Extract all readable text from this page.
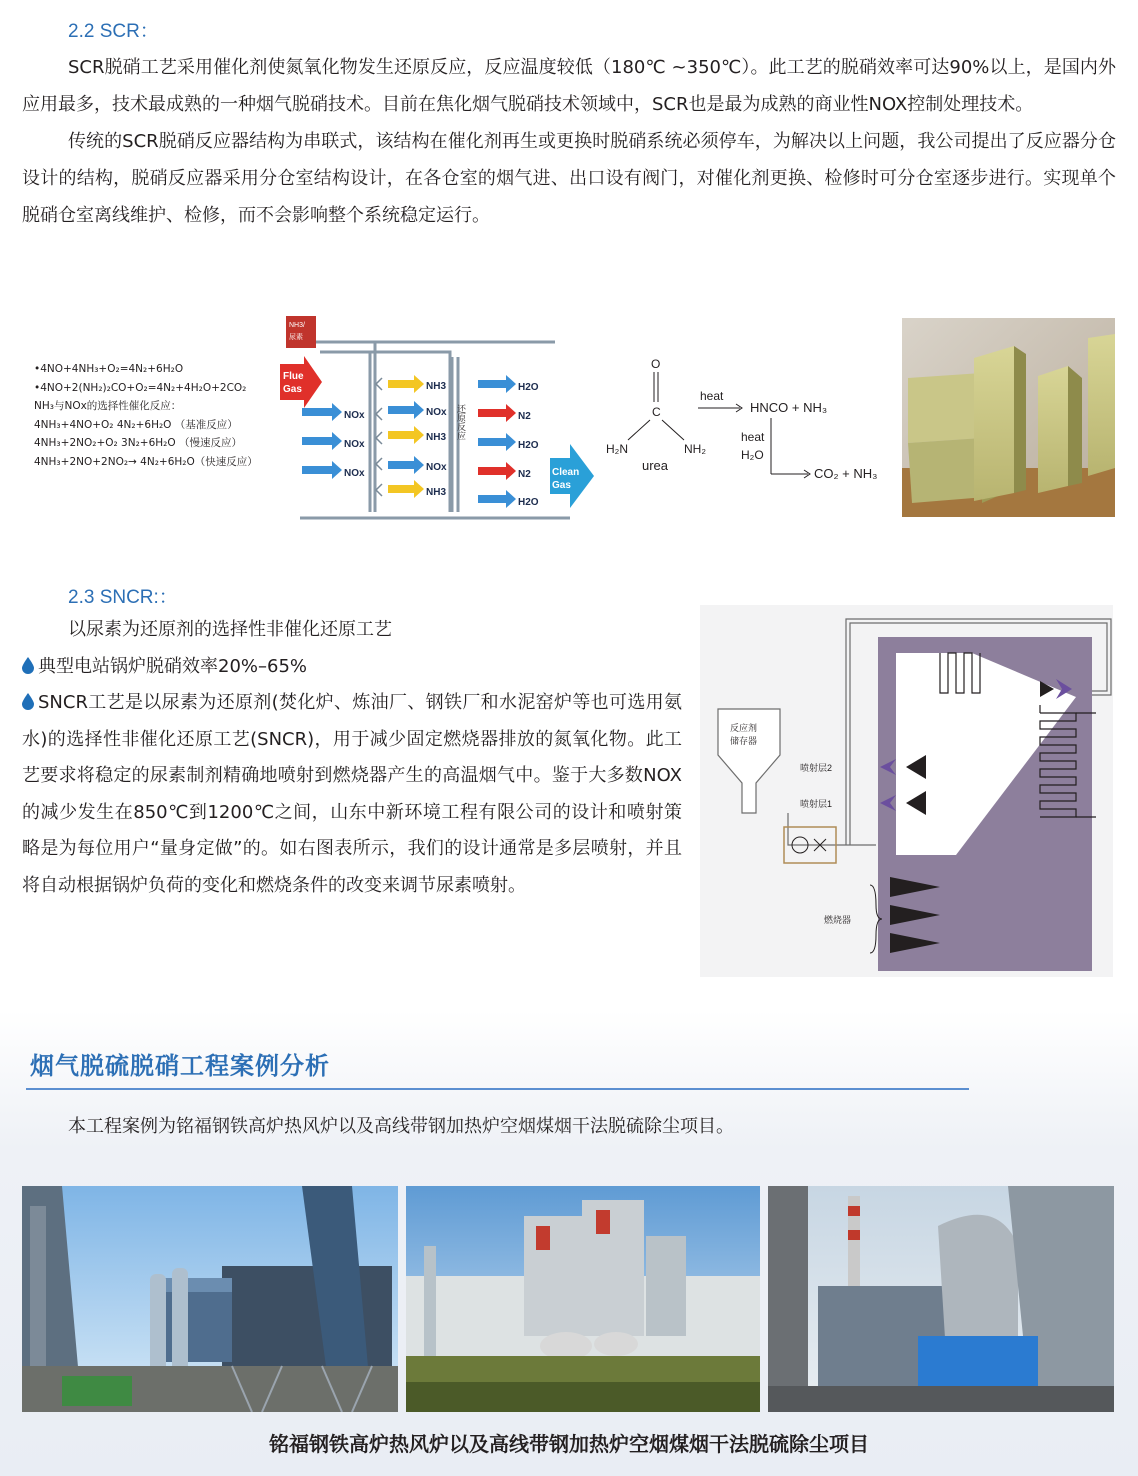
2.2 SCR：

SCR脱硝工艺采用催化剂使氮氧化物发生还原反应，反应温度较低（180℃ ~350℃）。此工艺的脱硝效率可达90%以上，是国内外应用最多，技术最成熟的一种烟气脱硝技术。目前在焦化烟气脱硝技术领域中，SCR也是最为成熟的商业性NOX控制处理技术。

传统的SCR脱硝反应器结构为串联式，该结构在催化剂再生或更换时脱硝系统必须停车，为解决以上问题，我公司提出了反应器分仓设计的结构，脱硝反应器采用分仓室结构设计，在各仓室的烟气进、出口设有阀门，对催化剂更换、检修时可分仓室逐步进行。实现单个脱硝仓室离线维护、检修，而不会影响整个系统稳定运行。

•4NO+4NH₃+O₂=4N₂+6H₂O
•4NO+2(NH₂)₂CO+O₂=4N₂+4H₂O+2CO₂
NH₃与NOx的选择性催化反应：
4NH₃+4NO+O₂ 4N₂+6H₂O （基准反应）
4NH₃+2NO₂+O₂ 3N₂+6H₂O （慢速反应）
4NH₃+2NO+2NO₂→ 4N₂+6H₂O（快速反应）
NH3/
尿素
Flue
Gas
NOx
NOx
NOx
NH3
NOx
NH3
NOx
NH3
还原反应
H2O
N2
H2O
N2
H2O
Clean
Gas
O
C
H₂N	NH₂
urea
heat
HNCO + NH₃
heat
H₂O
CO₂ + NH₃
2.3 SNCR:：
以尿素为还原剂的选择性非催化还原工艺
典型电站锅炉脱硝效率20%–65%
SNCR工艺是以尿素为还原剂(焚化炉、炼油厂、钢铁厂和水泥窑炉等也可选用氨水)的选择性非催化还原工艺(SNCR)，用于减少固定燃烧器排放的氮氧化物。此工艺要求将稳定的尿素制剂精确地喷射到燃烧器产生的高温烟气中。鉴于大多数NOX的减少发生在850℃到1200℃之间，山东中新环境工程有限公司的设计和喷射策略是为每位用户“量身定做”的。如右图表所示，我们的设计通常是多层喷射，并且将自动根据锅炉负荷的变化和燃烧条件的改变来调节尿素喷射。
反应剂
储存器
喷射层3
喷射层2
喷射层1
燃烧器
烟气脱硫脱硝工程案例分析
本工程案例为铭福钢铁高炉热风炉以及高线带钢加热炉空烟煤烟干法脱硫除尘项目。
铭福钢铁高炉热风炉以及高线带钢加热炉空烟煤烟干法脱硫除尘项目
